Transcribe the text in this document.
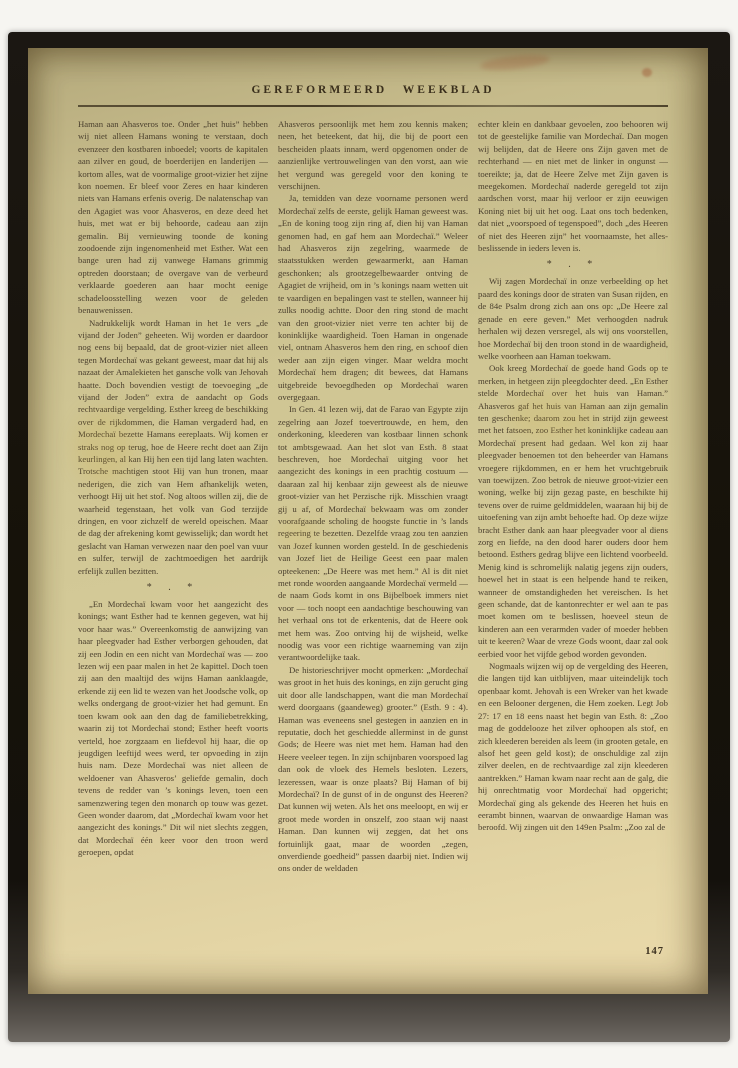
GEREFORMEERD WEEKBLAD

Haman aan Ahasveros toe. Onder „het huis” hebben wij niet alleen Hamans woning te verstaan, doch evenzeer den kostbaren inboedel; voorts de kapitalen aan zilver en goud, de boerderijen en landerijen — kortom alles, wat de voormalige groot-vizier het zijne kon noemen. Er bleef voor Zeres en haar kinderen niets van Hamans erfenis overig. De nalatenschap van den Agagiet was voor Ahasveros, en deze deed het huis, met wat er bij behoorde, cadeau aan zijn gemalin. Bij vernieuwing toonde de koning zoodoende zijn ingenomenheid met Esther. Wat een bange uren had zij vanwege Hamans grimmig optreden doorstaan; de overgave van de verbeurd verklaarde goederen aan haar mocht eenige schadeloosstelling wezen voor de geleden benauwenissen.

Nadrukkelijk wordt Haman in het 1e vers „de vijand der Joden” geheeten. Wij worden er daardoor nog eens bij bepaald, dat de groot-vizier niet alleen tegen Mordechaï was gekant geweest, maar dat hij als nazaat der Amalekieten het gansche volk van Jehovah haatte. Doch bovendien vestigt de toevoeging „de vijand der Joden” extra de aandacht op Gods rechtvaardige vergelding. Esther kreeg de beschikking over de rijkdommen, die Haman vergaderd had, en Mordechaï bezette Hamans eereplaats. Wij komen er straks nog op terug, hoe de Heere recht doet aan Zijn keurlingen, al kan Hij hen een tijd lang laten wachten. Trotsche machtigen stoot Hij van hun tronen, maar nederigen, die zich van Hem afhankelijk weten, verhoogt Hij uit het stof. Nog altoos willen zij, die de waarheid tegenstaan, het volk van God terzijde dringen, en voor zichzelf de wereld opeischen. Maar de dag der afrekening komt gewisselijk; dan wordt het geslacht van Haman verwezen naar den poel van vuur en sulfer, terwijl de zachtmoedigen het aardrijk erfelijk zullen bezitten.

* . *

„En Mordechaï kwam voor het aangezicht des konings; want Esther had te kennen gegeven, wat hij voor haar was.” Overeenkomstig de aanwijzing van haar pleegvader had Esther verborgen gehouden, dat zij een Jodin en een nicht van Mordechaï was — zoo lezen wij een paar malen in het 2e kapittel. Doch toen zij aan den maaltijd des wijns Haman aanklaagde, erkende zij een lid te wezen van het Joodsche volk, op welks ondergang de groot-vizier het had gemunt. En toen kwam ook aan den dag de familiebetrekking, waarin zij tot Mordechaï stond; Esther heeft voorts verteld, hoe zorgzaam en liefdevol hij haar, die op jeugdigen leeftijd wees werd, ter opvoeding in zijn huis nam. Deze Mordechaï was niet alleen de weldoener van Ahasveros’ geliefde gemalin, doch tevens de redder van ’s konings leven, toen een samenzwering tegen den monarch op touw was gezet. Geen wonder daarom, dat „Mordechaï kwam voor het aangezicht des konings.” Dit wil niet slechts zeggen, dat Mordechaï één keer voor den troon werd geroepen, opdat

Ahasveros persoonlijk met hem zou kennis maken; neen, het beteekent, dat hij, die bij de poort een bescheiden plaats innam, werd opgenomen onder de aanzienlijke vertrouwelingen van den vorst, aan wie het vergund was geregeld voor den koning te verschijnen.

Ja, temidden van deze voorname personen werd Mordechaï zelfs de eerste, gelijk Haman geweest was. „En de koning toog zijn ring af, dien hij van Haman genomen had, en gaf hem aan Mordechaï.” Weleer had Ahasveros zijn zegelring, waarmede de staatsstukken werden gewaarmerkt, aan Haman geschonken; als grootzegelbewaarder ontving de Agagiet de vrijheid, om in ’s konings naam wetten uit te vaardigen en bepalingen vast te stellen, wanneer hij zulks noodig achtte. Door den ring stond de macht van den groot-vizier niet verre ten achter bij de koninklijke waardigheid. Toen Haman in ongenade viel, ontnam Ahasveros hem den ring, en schoof dien weder aan zijn eigen vinger. Maar weldra mocht Mordechaï hem dragen; dit bewees, dat Hamans uitgebreide bevoegdheden op Mordechaï waren overgegaan.

In Gen. 41 lezen wij, dat de Farao van Egypte zijn zegelring aan Jozef toevertrouwde, en hem, den onderkoning, kleederen van kostbaar linnen schonk tot ambtsgewaad. Aan het slot van Esth. 8 staat beschreven, hoe Mordechaï uitging voor het aangezicht des konings in een prachtig costuum — daaraan zal hij kenbaar zijn geweest als de nieuwe groot-vizier van het Perzische rijk. Misschien vraagt gij u af, of Mordechaï bekwaam was om zonder voorafgaande scholing de hoogste functie in ’s lands regeering te bezetten. Dezelfde vraag zou ten aanzien van Jozef kunnen worden gesteld. In de geschiedenis van Jozef liet de Heilige Geest een paar malen opteekenen: „De Heere was met hem.” Al is dit niet met ronde woorden aangaande Mordechaï vermeld — de naam Gods komt in ons Bijbelboek immers niet voor — toch noopt een aandachtige beschouwing van het verhaal ons tot de erkentenis, dat de Heere ook met hem was. Zoo ontving hij de wijsheid, welke noodig was voor een richtige waarneming van zijn verantwoordelijke taak.

De historieschrijver mocht opmerken: „Mordechaï was groot in het huis des konings, en zijn gerucht ging uit door alle landschappen, want die man Mordechaï werd doorgaans (gaandeweg) grooter.” (Esth. 9 : 4). Haman was eveneens snel gestegen in aanzien en in reputatie, doch het geschiedde allerminst in de gunst Gods; de Heere was niet met hem. Haman had den Heere veeleer tegen. In zijn schijnbaren voorspoed lag dan ook de vloek des Hemels besloten. Lezers, lezeressen, waar is onze plaats? Bij Haman of bij Mordechaï? In de gunst of in de ongunst des Heeren? Dat kunnen wij weten. Als het ons meeloopt, en wij er groot mede worden in onszelf, zoo staan wij naast Haman. Dan kunnen wij zeggen, dat het ons fortuinlijk gaat, maar de woorden „zegen, onverdiende goedheid” passen daarbij niet. Indien wij ons onder de weldaden

echter klein en dankbaar gevoelen, zoo behooren wij tot de geestelijke familie van Mordechaï. Dan mogen wij belijden, dat de Heere ons Zijn gaven met de rechterhand — en niet met de linker in ongunst — toereikte; ja, dat de Heere Zelve met Zijn gaven is meegekomen. Mordechaï naderde geregeld tot zijn aardschen vorst, maar hij verloor er zijn eeuwigen Koning niet bij uit het oog. Laat ons toch bedenken, dat niet „voorspoed of tegenspoed”, doch „des Heeren of niet des Heeren zijn” het voornaamste, het alles-beslissende in ieders leven is.

* . *

Wij zagen Mordechaï in onze verbeelding op het paard des konings door de straten van Susan rijden, en de 84e Psalm drong zich aan ons op: „De Heere zal genade en eere geven.” Met verhoogden nadruk herhalen wij dezen versregel, als wij ons voorstellen, hoe Mordechaï bij den troon stond in de waardigheid, welke voorheen aan Haman toekwam.

Ook kreeg Mordechaï de goede hand Gods op te merken, in hetgeen zijn pleegdochter deed. „En Esther stelde Mordechaï over het huis van Haman.” Ahasveros gaf het huis van Haman aan zijn gemalin ten geschenke; daarom zou het in strijd zijn geweest met het fatsoen, zoo Esther het koninklijke cadeau aan Mordechaï present had gedaan. Wel kon zij haar pleegvader benoemen tot den beheerder van Hamans vroegere rijkdommen, en er hem het vruchtgebruik van toewijzen. Zoo betrok de nieuwe groot-vizier een woning, welke bij zijn gezag paste, en beschikte hij tevens over de ruime geldmiddelen, waaraan hij bij de uitoefening van zijn ambt behoefte had. Op deze wijze bracht Esther dank aan haar pleegvader voor al diens zorg en liefde, na den dood harer ouders door hem betoond. Esthers gedrag blijve een lichtend voorbeeld. Menig kind is schromelijk nalatig jegens zijn ouders, hoewel het in staat is een helpende hand te reiken, wanneer de omstandigheden het vereischen. Is het geen schande, dat de kantonrechter er wel aan te pas moet komen om te beslissen, hoeveel steun de kinderen aan een verarmden vader of moeder hebben uit te keeren? Waar de vreze Gods woont, daar zal ook eerbied voor het vijfde gebod worden gevonden.

Nogmaals wijzen wij op de vergelding des Heeren, die langen tijd kan uitblijven, maar uiteindelijk toch openbaar komt. Jehovah is een Wreker van het kwade en een Belooner dergenen, die Hem zoeken. Legt Job 27: 17 en 18 eens naast het begin van Esth. 8: „Zoo mag de goddelooze het zilver ophoopen als stof, en zich kleederen bereiden als leem (in grooten getale, en alsof het geen geld kost); de onschuldige zal zijn zilver deelen, en de rechtvaardige zal zijn kleederen aantrekken.” Haman kwam naar recht aan de galg, die hij onrechtmatig voor Mordechaï had opgericht; Mordechaï ging als gekende des Heeren het huis en eerambt binnen, waarvan de onwaardige Haman was beroofd. Wij zingen uit den 149en Psalm: „Zoo zal de

147
